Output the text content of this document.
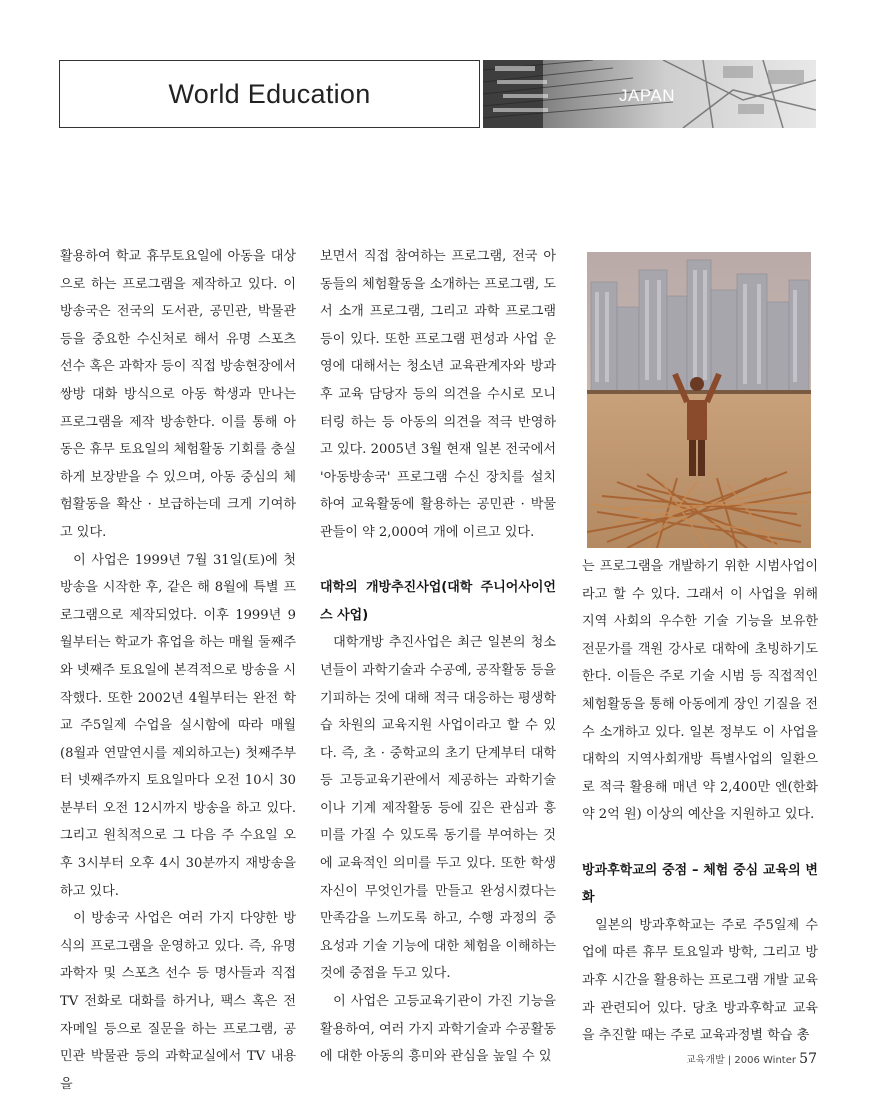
World Education	JAPAN

활용하여 학교 휴무토요일에 아동을 대상으로 하는 프로그램을 제작하고 있다. 이 방송국은 전국의 도서관, 공민관, 박물관 등을 중요한 수신처로 해서 유명 스포츠 선수 혹은 과학자 등이 직접 방송현장에서 쌍방 대화 방식으로 아동 학생과 만나는 프로그램을 제작 방송한다. 이를 통해 아동은 휴무 토요일의 체험활동 기회를 충실하게 보장받을 수 있으며, 아동 중심의 체험활동을 확산 · 보급하는데 크게 기여하고 있다.

이 사업은 1999년 7월 31일(토)에 첫 방송을 시작한 후, 같은 해 8월에 특별 프로그램으로 제작되었다. 이후 1999년 9월부터는 학교가 휴업을 하는 매월 둘째주와 넷째주 토요일에 본격적으로 방송을 시작했다. 또한 2002년 4월부터는 완전 학교 주5일제 수업을 실시함에 따라 매월 (8월과 연말연시를 제외하고는) 첫째주부터 넷째주까지 토요일마다 오전 10시 30분부터 오전 12시까지 방송을 하고 있다. 그리고 원칙적으로 그 다음 주 수요일 오후 3시부터 오후 4시 30분까지 재방송을 하고 있다.

이 방송국 사업은 여러 가지 다양한 방식의 프로그램을 운영하고 있다. 즉, 유명 과학자 및 스포츠 선수 등 명사들과 직접 TV 전화로 대화를 하거나, 팩스 혹은 전자메일 등으로 질문을 하는 프로그램, 공민관 박물관 등의 과학교실에서 TV 내용을

보면서 직접 참여하는 프로그램, 전국 아동들의 체험활동을 소개하는 프로그램, 도서 소개 프로그램, 그리고 과학 프로그램 등이 있다. 또한 프로그램 편성과 사업 운영에 대해서는 청소년 교육관계자와 방과 후 교육 담당자 등의 의견을 수시로 모니터링 하는 등 아동의 의견을 적극 반영하고 있다. 2005년 3월 현재 일본 전국에서 '아동방송국' 프로그램 수신 장치를 설치하여 교육활동에 활용하는 공민관 · 박물관들이 약 2,000여 개에 이르고 있다.

대학의 개방추진사업(대학 주니어사이언스 사업)

대학개방 추진사업은 최근 일본의 청소년들이 과학기술과 수공예, 공작활동 등을 기피하는 것에 대해 적극 대응하는 평생학습 차원의 교육지원 사업이라고 할 수 있다. 즉, 초 · 중학교의 초기 단계부터 대학 등 고등교육기관에서 제공하는 과학기술이나 기계 제작활동 등에 깊은 관심과 흥미를 가질 수 있도록 동기를 부여하는 것에 교육적인 의미를 두고 있다. 또한 학생 자신이 무엇인가를 만들고 완성시켰다는 만족감을 느끼도록 하고, 수행 과정의 중요성과 기술 기능에 대한 체험을 이해하는 것에 중점을 두고 있다.

이 사업은 고등교육기관이 가진 기능을 활용하여, 여러 가지 과학기술과 수공활동에 대한 아동의 흥미와 관심을 높일 수 있

는 프로그램을 개발하기 위한 시범사업이라고 할 수 있다. 그래서 이 사업을 위해 지역 사회의 우수한 기술 기능을 보유한 전문가를 객원 강사로 대학에 초빙하기도 한다. 이들은 주로 기술 시범 등 직접적인 체험활동을 통해 아동에게 장인 기질을 전수 소개하고 있다. 일본 정부도 이 사업을 대학의 지역사회개방 특별사업의 일환으로 적극 활용해 매년 약 2,400만 엔(한화 약 2억 원) 이상의 예산을 지원하고 있다.

방과후학교의 중점 – 체험 중심 교육의 변화

일본의 방과후학교는 주로 주5일제 수업에 따른 휴무 토요일과 방학, 그리고 방과후 시간을 활용하는 프로그램 개발 교육과 관련되어 있다. 당초 방과후학교 교육을 추진할 때는 주로 교육과정별 학습 총

교육개발 | 2006 Winter 57
